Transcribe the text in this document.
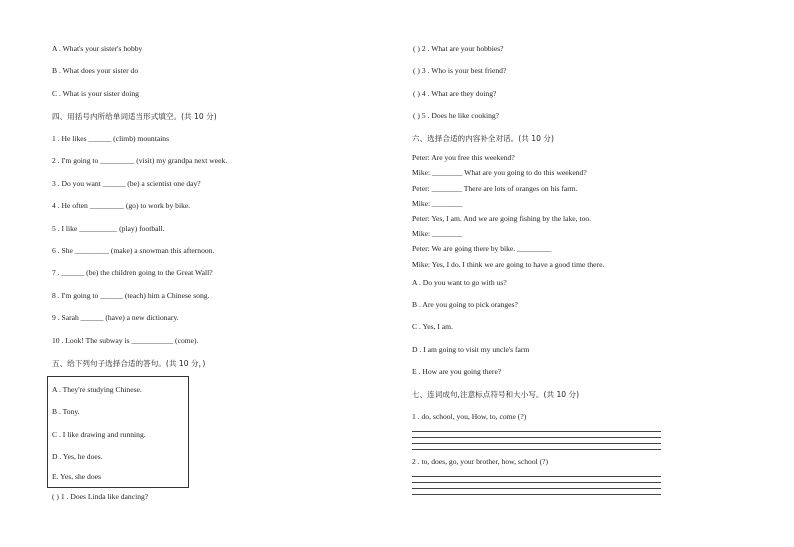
A . What's your sister's hobby
B . What does your sister do
C . What is your sister doing
四、用括号内所给单词适当形式填空。(共 10 分)
1 . He likes ______ (climb) mountains
2 . I'm going to _________ (visit) my grandpa next week.
3 . Do you want ______ (be) a scientist one day?
4 . He often _________ (go) to work by bike.
5 . I like __________ (play) football.
6 . She _________ (make) a snowman this afternoon.
7 . ______ (be) the children going to the Great Wall?
8 . I'm going to ______ (teach) him a Chinese song.
9 . Sarah ______ (have) a new dictionary.
10 . Look! The subway is ___________ (come).
五、给下列句子选择合适的答句。(共 10 分，)
A . They're studying Chinese.
B . Tony.
C . I like drawing and running.
D . Yes, he does.
E. Yes, she does
( ) 1 . Does Linda like dancing?
( ) 2 . What are your hobbies?
( ) 3 . Who is your best friend?
( ) 4 . What are they doing?
( ) 5 . Does he like cooking?
六、选择合适的内容补全对话。(共 10 分)
Peter: Are you free this weekend?
Mike: ________ What are you going to do this weekend?
Peter: ________ There are lots of oranges on his farm.
Mike: ________
Peter: Yes, I am. And we are going fishing by the lake, too.
Mike: ________
Peter: We are going there by bike. _________
Mike: Yes, I do. I think we are going to have a good time there.
A . Do you want to go with us?
B . Are you going to pick oranges?
C . Yes, I am.
D . I am going to visit my uncle's farm
E . How are you going there?
七、连词成句,注意标点符号和大小写。(共 10 分)
1 . do, school, you, How, to, come (?)
2 . to, does, go, your brother, how, school (?)
